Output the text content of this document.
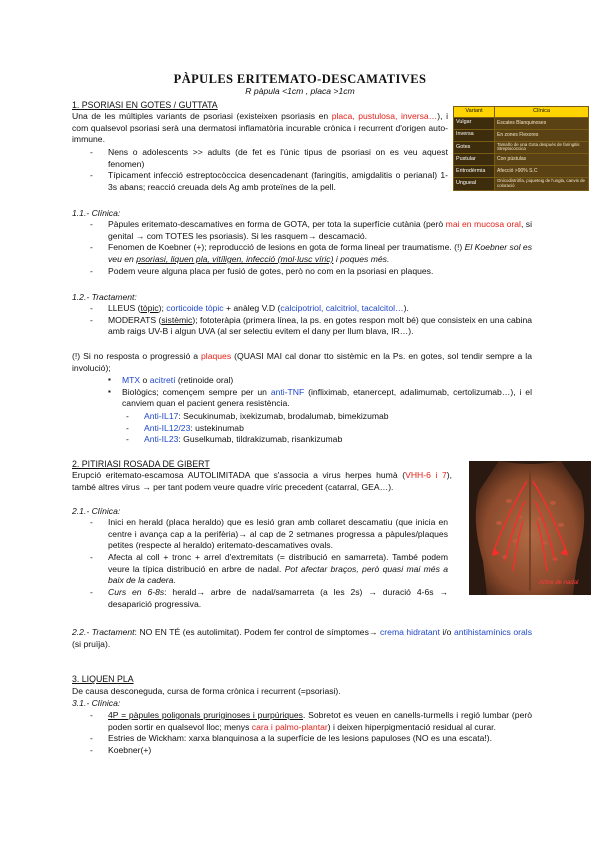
PÀPULES ERITEMATO-DESCAMATIVES
R pàpula <1cm , placa >1cm
1. PSORIASI EN GOTES / GUTTATA
Una de les múltiples variants de psoriasi (existeixen psoriasis en placa, pustulosa, inversa…), i com qualsevol psoriasi serà una dermatosi inflamatòria incurable crònica i recurrent d'origen auto-immune.
- Nens o adolescents >> adults (de fet es l'únic tipus de psoriasi on es veu aquest fenomen)
- Típicament infecció estreptocòccica desencadenant (faringitis, amigdalitis o perianal) 1-3s abans; reacció creuada dels Ag amb proteïnes de la pell.
Variant	Clínica
Vulgar	Escates Blanquinoses
Inversa	En zones Flexores
Gotes	Tamaño de una Gota después de faringitis Streptococcica
Pustular	Con pústulas
Eritrodèrmia	Afecció >90% S.C
Ungueal	Onicodistròfia, piqueteig de l'ungla, canvis de coloració
1.1.- Clínica:
- Pàpules eritemato-descamatives en forma de GOTA, per tota la superfície cutània (però mai en mucosa oral, si genital → com TOTES les psoriasis). Si les rasquem→ descamació.
- Fenomen de Koebner (+); reproducció de lesions en gota de forma lineal per traumatisme. (!) El Koebner sol es veu en psoriasi, liquen pla, vitíligen, infecció (mol·lusc víric) i poques més.
- Podem veure alguna placa per fusió de gotes, però no com en la psoriasi en plaques.
1.2.- Tractament:
- LLEUS (tòpic); corticoide tòpic + anàleg V.D (calcipotriol, calcitriol, tacalcitol…).
- MODERATS (sistèmic); fototeràpia (primera línea, la ps. en gotes respon molt bé) que consisteix en una cabina amb raigs UV-B i algun UVA (al ser selectiu evitem el dany per llum blava, IR…).
(!) Si no resposta o progressió a plaques (QUASI MAI cal donar tto sistèmic en la Ps. en gotes, sol tendir sempre a la involució);
▪ MTX o acitretí (retinoide oral)
▪ Biològics; començem sempre per un anti-TNF (infliximab, etanercept, adalimumab, certolizumab…), i el canviem quan el pacient genera resistència.
- Anti-IL17: Secukinumab, ixekizumab, brodalumab, bimekizumab
- Anti-IL12/23: ustekinumab
- Anti-IL23: Guselkumab, tildrakizumab, risankizumab
2. PITIRIASI ROSADA DE GIBERT
Erupció eritemato-escamosa AUTOLIMITADA que s'associa a virus herpes humà (VHH-6 i 7), també altres virus → per tant podem veure quadre víric precedent (catarral, GEA…).
2.1.- Clínica:
- Inici en herald (placa heraldo) que es lesió gran amb collaret descamatiu (que inicia en centre i avança cap a la perifèria)→ al cap de 2 setmanes progressa a pàpules/plaques petites (respecte al heraldo) eritemato-descamatives ovals.
- Afecta al coll + tronc + arrel d'extremitats (= distribució en samarreta). També podem veure la típica distribució en arbre de nadal. Pot afectar braços, però quasi mai més a baix de la cadera.
- Curs en 6-8s: herald→ arbre de nadal/samarreta (a les 2s) → duració 4-6s → desaparició progressiva.
Arbre de nadal
2.2.- Tractament: NO EN TÉ (es autolimitat). Podem fer control de símptomes→ crema hidratant i/o antihistamínics orals (si pruïja).
3. LIQUEN PLA
De causa desconeguda, cursa de forma crònica i recurrent (=psoriasi).
3.1.- Clínica:
- 4P = pàpules poligonals pruriginoses i purpúriques. Sobretot es veuen en canells-turmells i regió lumbar (però poden sortir en qualsevol lloc; menys cara i palmo-plantar) i deixen hiperpigmentació residual al curar.
- Estries de Wickham: xarxa blanquinosa a la superfície de les lesions papuloses (NO es una escata!).
- Koebner(+)
